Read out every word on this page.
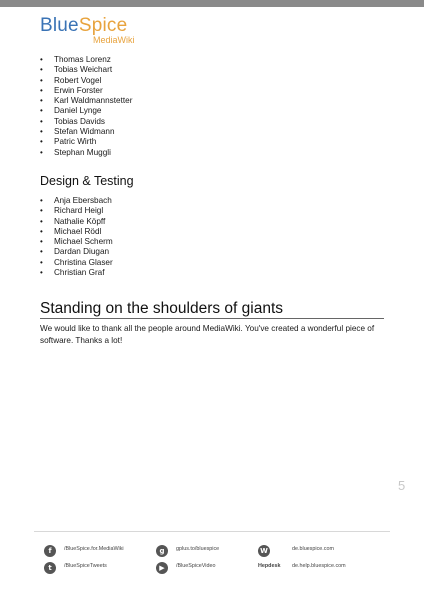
BlueSpice
MediaWiki
• Thomas Lorenz
• Tobias Weichart
• Robert Vogel
• Erwin Forster
• Karl Waldmannstetter
• Daniel Lynge
• Tobias Davids
• Stefan Widmann
• Patric Wirth
• Stephan Muggli
Design & Testing
• Anja Ebersbach
• Richard Heigl
• Nathalie Köpff
• Michael Rödl
• Michael Scherm
• Dardan Diugan
• Christina Glaser
• Christian Graf
Standing on the shoulders of giants
We would like to thank all the people around MediaWiki. You've created a wonderful piece of software. Thanks a lot!
5
f	/BlueSpice.for.MediaWiki
t	/BlueSpiceTweets
g	gplus.to/bluespice
▶	/BlueSpiceVideo
W	de.bluespice.com
Hepdesk de.help.bluespice.com
